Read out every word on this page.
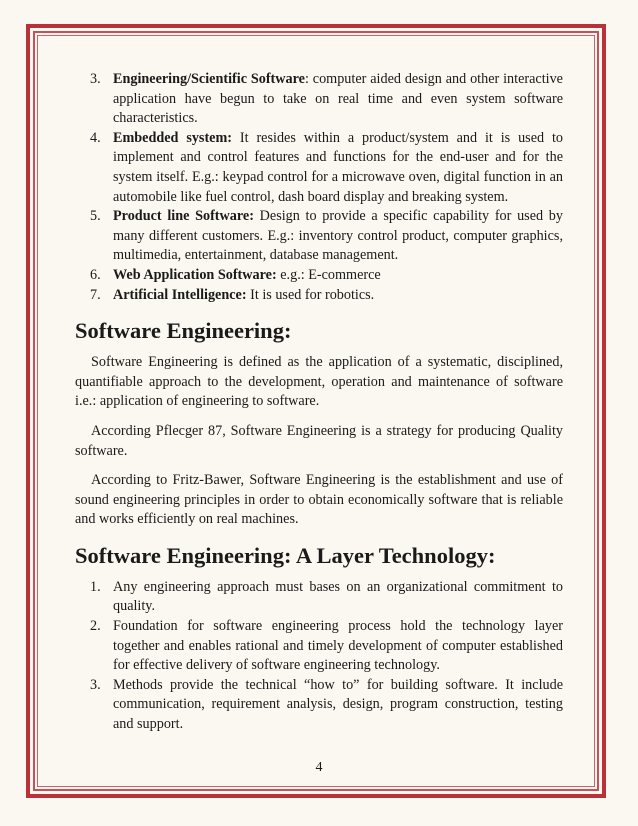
3. Engineering/Scientific Software: computer aided design and other interactive application have begun to take on real time and even system software characteristics.
4. Embedded system: It resides within a product/system and it is used to implement and control features and functions for the end-user and for the system itself. E.g.: keypad control for a microwave oven, digital function in an automobile like fuel control, dash board display and breaking system.
5. Product line Software: Design to provide a specific capability for used by many different customers. E.g.: inventory control product, computer graphics, multimedia, entertainment, database management.
6. Web Application Software: e.g.: E-commerce
7. Artificial Intelligence: It is used for robotics.
Software Engineering:

Software Engineering is defined as the application of a systematic, disciplined, quantifiable approach to the development, operation and maintenance of software i.e.: application of engineering to software.

According Pflecger 87, Software Engineering is a strategy for producing Quality software.

According to Fritz-Bawer, Software Engineering is the establishment and use of sound engineering principles in order to obtain economically software that is reliable and works efficiently on real machines.

Software Engineering: A Layer Technology:
1. Any engineering approach must bases on an organizational commitment to quality.
2. Foundation for software engineering process hold the technology layer together and enables rational and timely development of computer established for effective delivery of software engineering technology.
3. Methods provide the technical “how to” for building software. It include communication, requirement analysis, design, program construction, testing and support.
4
